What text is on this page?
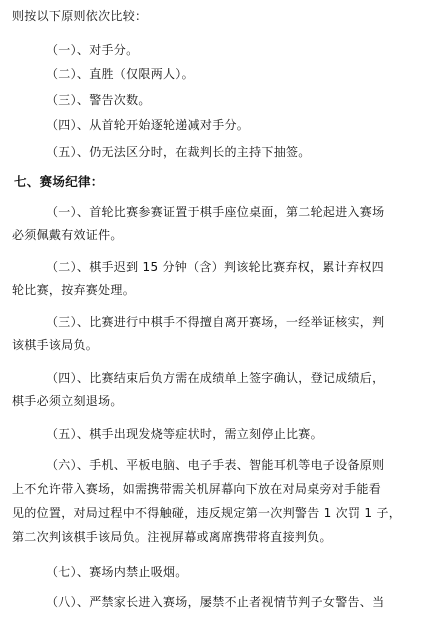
则按以下原则依次比较：
（一）、对手分。
（二）、直胜（仅限两人）。
（三）、警告次数。
（四）、从首轮开始逐轮递减对手分。
（五）、仍无法区分时，在裁判长的主持下抽签。
七、赛场纪律：
（一）、首轮比赛参赛证置于棋手座位桌面，第二轮起进入赛场
必须佩戴有效证件。
（二）、棋手迟到 15 分钟（含）判该轮比赛弃权，累计弃权四
轮比赛，按弃赛处理。
（三）、比赛进行中棋手不得擅自离开赛场，一经举证核实，判
该棋手该局负。
（四）、比赛结束后负方需在成绩单上签字确认，登记成绩后，
棋手必须立刻退场。
（五）、棋手出现发烧等症状时，需立刻停止比赛。
（六）、手机、平板电脑、电子手表、智能耳机等电子设备原则
上不允许带入赛场，如需携带需关机屏幕向下放在对局桌旁对手能看
见的位置，对局过程中不得触碰，违反规定第一次判警告 1 次罚 1 子，
第二次判该棋手该局负。注视屏幕或离席携带将直接判负。
（七）、赛场内禁止吸烟。
（八）、严禁家长进入赛场，屡禁不止者视情节判子女警告、当
